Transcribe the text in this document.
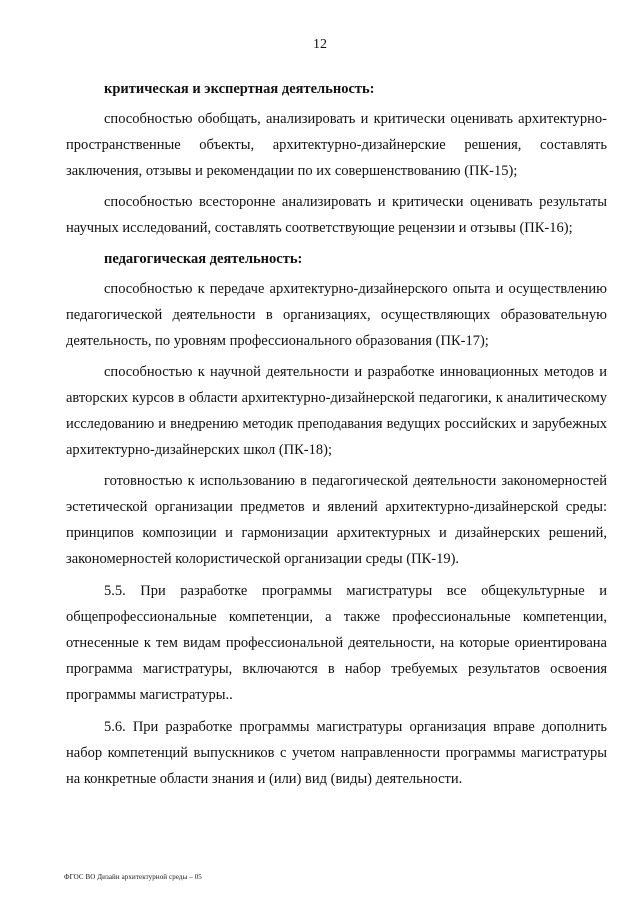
12
критическая и экспертная деятельность:

способностью обобщать, анализировать и критически оценивать архитектурно-пространственные объекты, архитектурно-дизайнерские решения, составлять заключения, отзывы и рекомендации по их совершенствованию (ПК-15);

способностью всесторонне анализировать и критически оценивать результаты научных исследований, составлять соответствующие рецензии и отзывы (ПК-16);

педагогическая деятельность:

способностью к передаче архитектурно-дизайнерского опыта и осуществлению педагогической деятельности в организациях, осуществляющих образовательную деятельность, по уровням профессионального образования (ПК-17);

способностью к научной деятельности и разработке инновационных методов и авторских курсов в области архитектурно-дизайнерской педагогики, к аналитическому исследованию и внедрению методик преподавания ведущих российских и зарубежных архитектурно-дизайнерских школ (ПК-18);

готовностью к использованию в педагогической деятельности закономерностей эстетической организации предметов и явлений архитектурно-дизайнерской среды: принципов композиции и гармонизации архитектурных и дизайнерских решений, закономерностей колористической организации среды (ПК-19).

5.5. При разработке программы магистратуры все общекультурные и общепрофессиональные компетенции, а также профессиональные компетенции, отнесенные к тем видам профессиональной деятельности, на которые ориентирована программа магистратуры, включаются в набор требуемых результатов освоения программы магистратуры..

5.6. При разработке программы магистратуры организация вправе дополнить набор компетенций выпускников с учетом направленности программы магистратуры на конкретные области знания и (или) вид (виды) деятельности.

ФГОС ВО Дизайн архитектурной среды – 05
